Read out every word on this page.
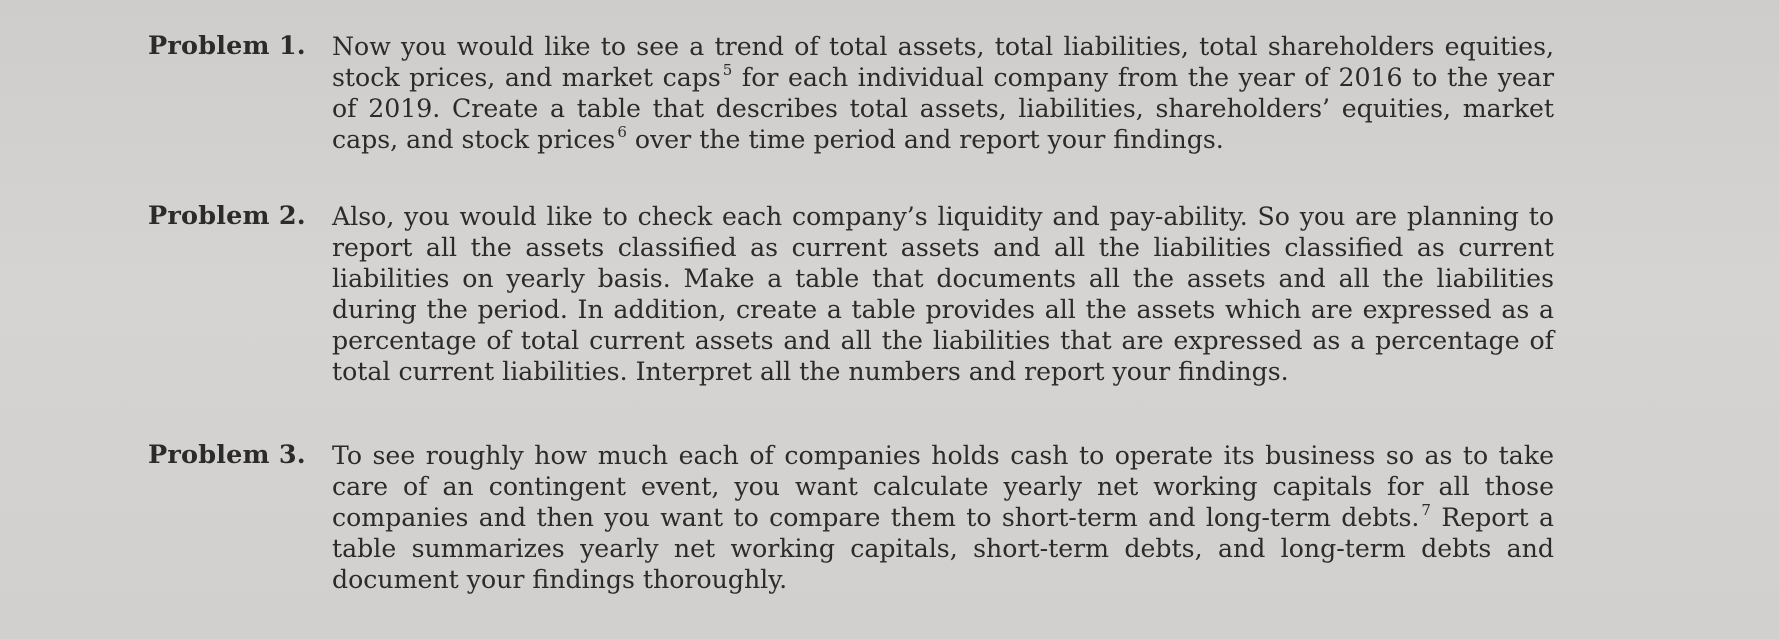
Problem 1. Now you would like to see a trend of total assets, total liabilities, total shareholders equities, stock prices, and market caps $^5$ for each individual company from the year of 2016 to the year of 2019. Create a table that describes total assets, liabilities, shareholders’ equities, market caps, and stock prices $^6$ over the time period and report your findings.
Problem 2. Also, you would like to check each company’s liquidity and pay-ability. So you are planning to report all the assets classified as current assets and all the liabilities classified as current liabilities on yearly basis. Make a table that documents all the assets and all the liabilities during the period. In addition, create a table provides all the assets which are expressed as a percentage of total current assets and all the liabilities that are expressed as a percentage of total current liabilities. Interpret all the numbers and report your findings.
Problem 3. To see roughly how much each of companies holds cash to operate its business so as to take care of an contingent event, you want calculate yearly net working capitals for all those companies and then you want to compare them to short-term and long-term debts. $^7$ Report a table summarizes yearly net working capitals, short-term debts, and long-term debts and document your findings thoroughly.
